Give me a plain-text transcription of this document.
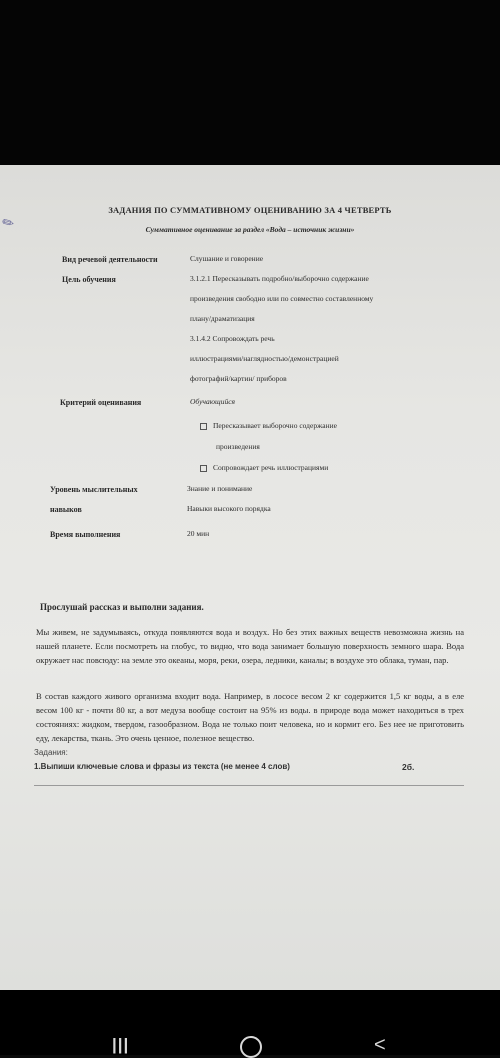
✎
ЗАДАНИЯ ПО СУММАТИВНОМУ ОЦЕНИВАНИЮ ЗА 4 ЧЕТВЕРТЬ
Суммативное оценивание за раздел «Вода – источник жизни»
Вид речевой деятельности	Слушание и говорение
Цель обучения	3.1.2.1 Пересказывать подробно/выборочно содержание
произведения свободно или по совместно составленному
плану/драматизация
3.1.4.2 Сопровождать речь
иллюстрациями/наглядностью/демонстрацией
фотографий/картин/ приборов
Критерий оценивания	Обучающийся
Пересказывает выборочно содержание
произведения
Сопровождает речь иллюстрациями
Уровень мыслительных	Знание и понимание
навыков	Навыки высокого порядка
Время выполнения	20 мин
Прослушай рассказ и выполни задания.

Мы живем, не задумываясь, откуда появляются вода и воздух. Но без этих важных веществ невозможна жизнь на нашей планете. Если посмотреть на глобус, то видно, что вода занимает большую поверхность земного шара. Вода окружает нас повсюду: на земле это океаны, моря, реки, озера, ледники, каналы; в воздухе это облака, туман, пар.

В состав каждого живого организма входит вода. Например, в лососе весом 2 кг содержится 1,5 кг воды, а в еле весом 100 кг - почти 80 кг, а вот медуза вообще состоит на 95% из воды. в природе вода может находиться в трех состояниях: жидком, твердом, газообразном. Вода не только поит человека, но и кормит его. Без нее не приготовить еду, лекарства, ткань. Это очень ценное, полезное вещество.

Задания:
1.Выпиши ключевые слова и фразы из текста (не менее 4 слов)	2б.
|||	<
